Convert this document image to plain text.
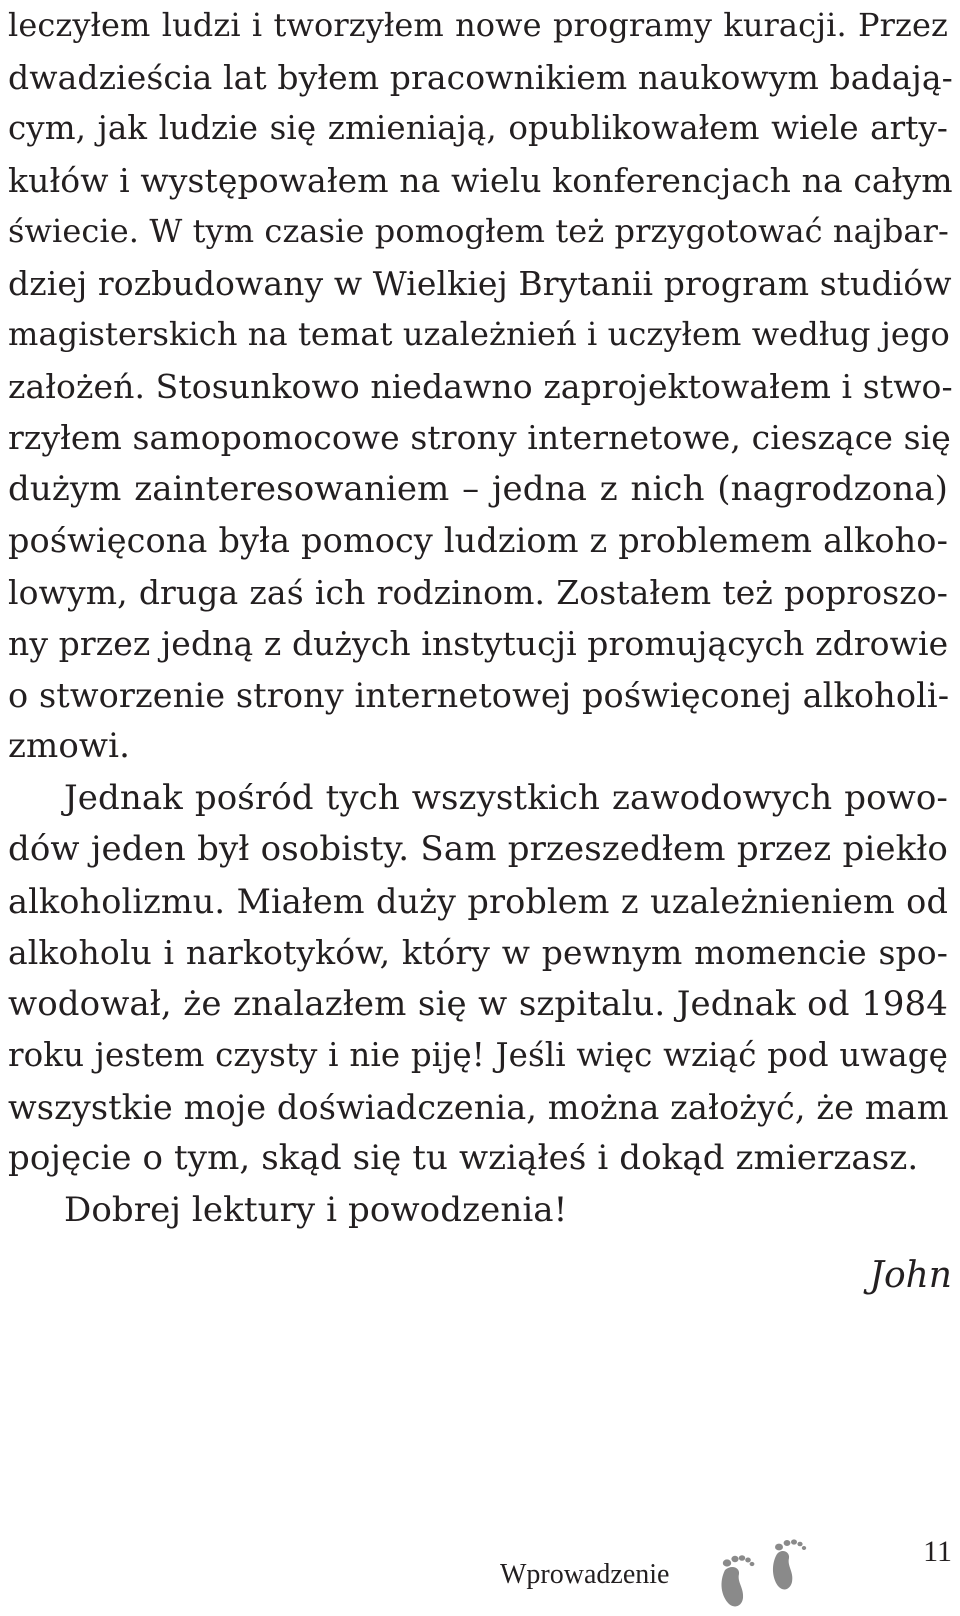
leczyłem ludzi i tworzyłem nowe programy kuracji. Przez
dwadzieścia lat byłem pracownikiem naukowym badają-
cym, jak ludzie się zmieniają, opublikowałem wiele arty-
kułów i występowałem na wielu konferencjach na całym
świecie. W tym czasie pomogłem też przygotować najbar-
dziej rozbudowany w Wielkiej Brytanii program studiów
magisterskich na temat uzależnień i uczyłem według jego
założeń. Stosunkowo niedawno zaprojektowałem i stwo-
rzyłem samopomocowe strony internetowe, cieszące się
dużym zainteresowaniem – jedna z nich (nagrodzona)
poświęcona była pomocy ludziom z problemem alkoho-
lowym, druga zaś ich rodzinom. Zostałem też poproszo-
ny przez jedną z dużych instytucji promujących zdrowie
o stworzenie strony internetowej poświęconej alkoholi-
zmowi.
Jednak pośród tych wszystkich zawodowych powo-
dów jeden był osobisty. Sam przeszedłem przez piekło
alkoholizmu. Miałem duży problem z uzależnieniem od
alkoholu i narkotyków, który w pewnym momencie spo-
wodował, że znalazłem się w szpitalu. Jednak od 1984
roku jestem czysty i nie piję! Jeśli więc wziąć pod uwagę
wszystkie moje doświadczenia, można założyć, że mam
pojęcie o tym, skąd się tu wziąłeś i dokąd zmierzasz.
Dobrej lektury i powodzenia!
John
Wprowadzenie
11
